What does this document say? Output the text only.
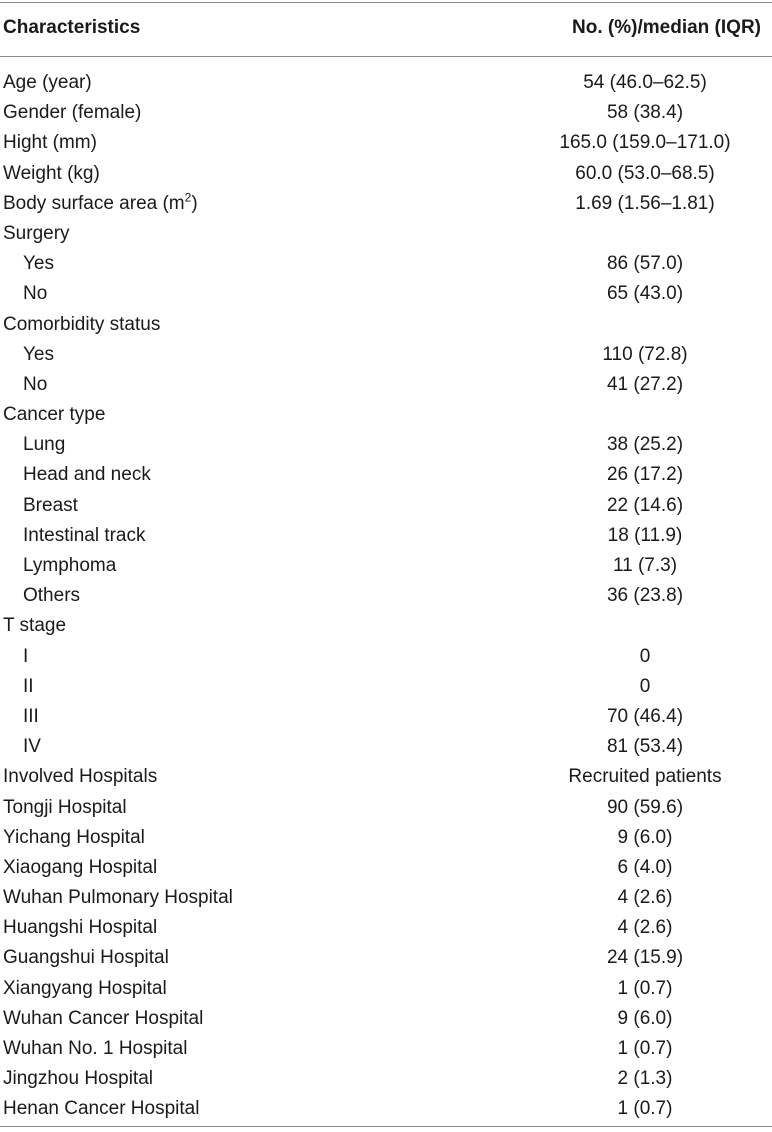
Characteristics	No. (%)/median (IQR)
Age (year)	54 (46.0–62.5)
Gender (female)	58 (38.4)
Hight (mm)	165.0 (159.0–171.0)
Weight (kg)	60.0 (53.0–68.5)
Body surface area $(m^2)$	1.69 (1.56–1.81)
Surgery
Yes	86 (57.0)
No	65 (43.0)
Comorbidity status
Yes	110 (72.8)
No	41 (27.2)
Cancer type
Lung	38 (25.2)
Head and neck	26 (17.2)
Breast	22 (14.6)
Intestinal track	18 (11.9)
Lymphoma	11 (7.3)
Others	36 (23.8)
T stage
I	0
II	0
III	70 (46.4)
IV	81 (53.4)
Involved Hospitals	Recruited patients
Tongji Hospital	90 (59.6)
Yichang Hospital	9 (6.0)
Xiaogang Hospital	6 (4.0)
Wuhan Pulmonary Hospital	4 (2.6)
Huangshi Hospital	4 (2.6)
Guangshui Hospital	24 (15.9)
Xiangyang Hospital	1 (0.7)
Wuhan Cancer Hospital	9 (6.0)
Wuhan No. 1 Hospital	1 (0.7)
Jingzhou Hospital	2 (1.3)
Henan Cancer Hospital	1 (0.7)
